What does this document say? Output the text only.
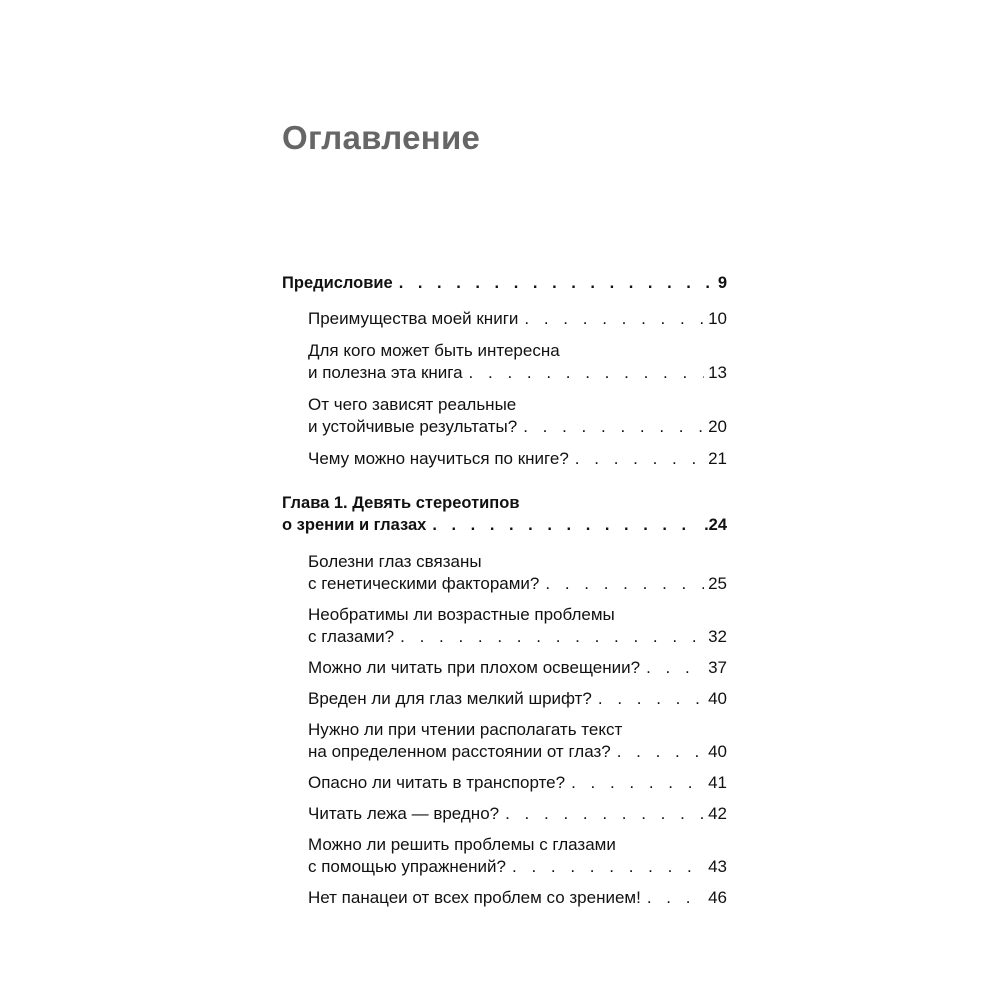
Оглавление
Предисловие . . .	9
Преимущества моей книги . . .	10
Для кого может быть интересна
и полезна эта книга . . .	13
От чего зависят реальные
и устойчивые результаты? . . .	20
Чему можно научиться по книге? . . .	21
Глава 1. Девять стереотипов
о зрении и глазах . . .	.24
Болезни глаз связаны
с генетическими факторами? . . .	25
Необратимы ли возрастные проблемы
с глазами? . . .	32
Можно ли читать при плохом освещении? . . .	37
Вреден ли для глаз мелкий шрифт? . . .	40
Нужно ли при чтении располагать текст
на определенном расстоянии от глаз? . . .	40
Опасно ли читать в транспорте? . . .	41
Читать лежа — вредно? . . .	42
Можно ли решить проблемы с глазами
с помощью упражнений? . . .	43
Нет панацеи от всех проблем со зрением! . . .	46
